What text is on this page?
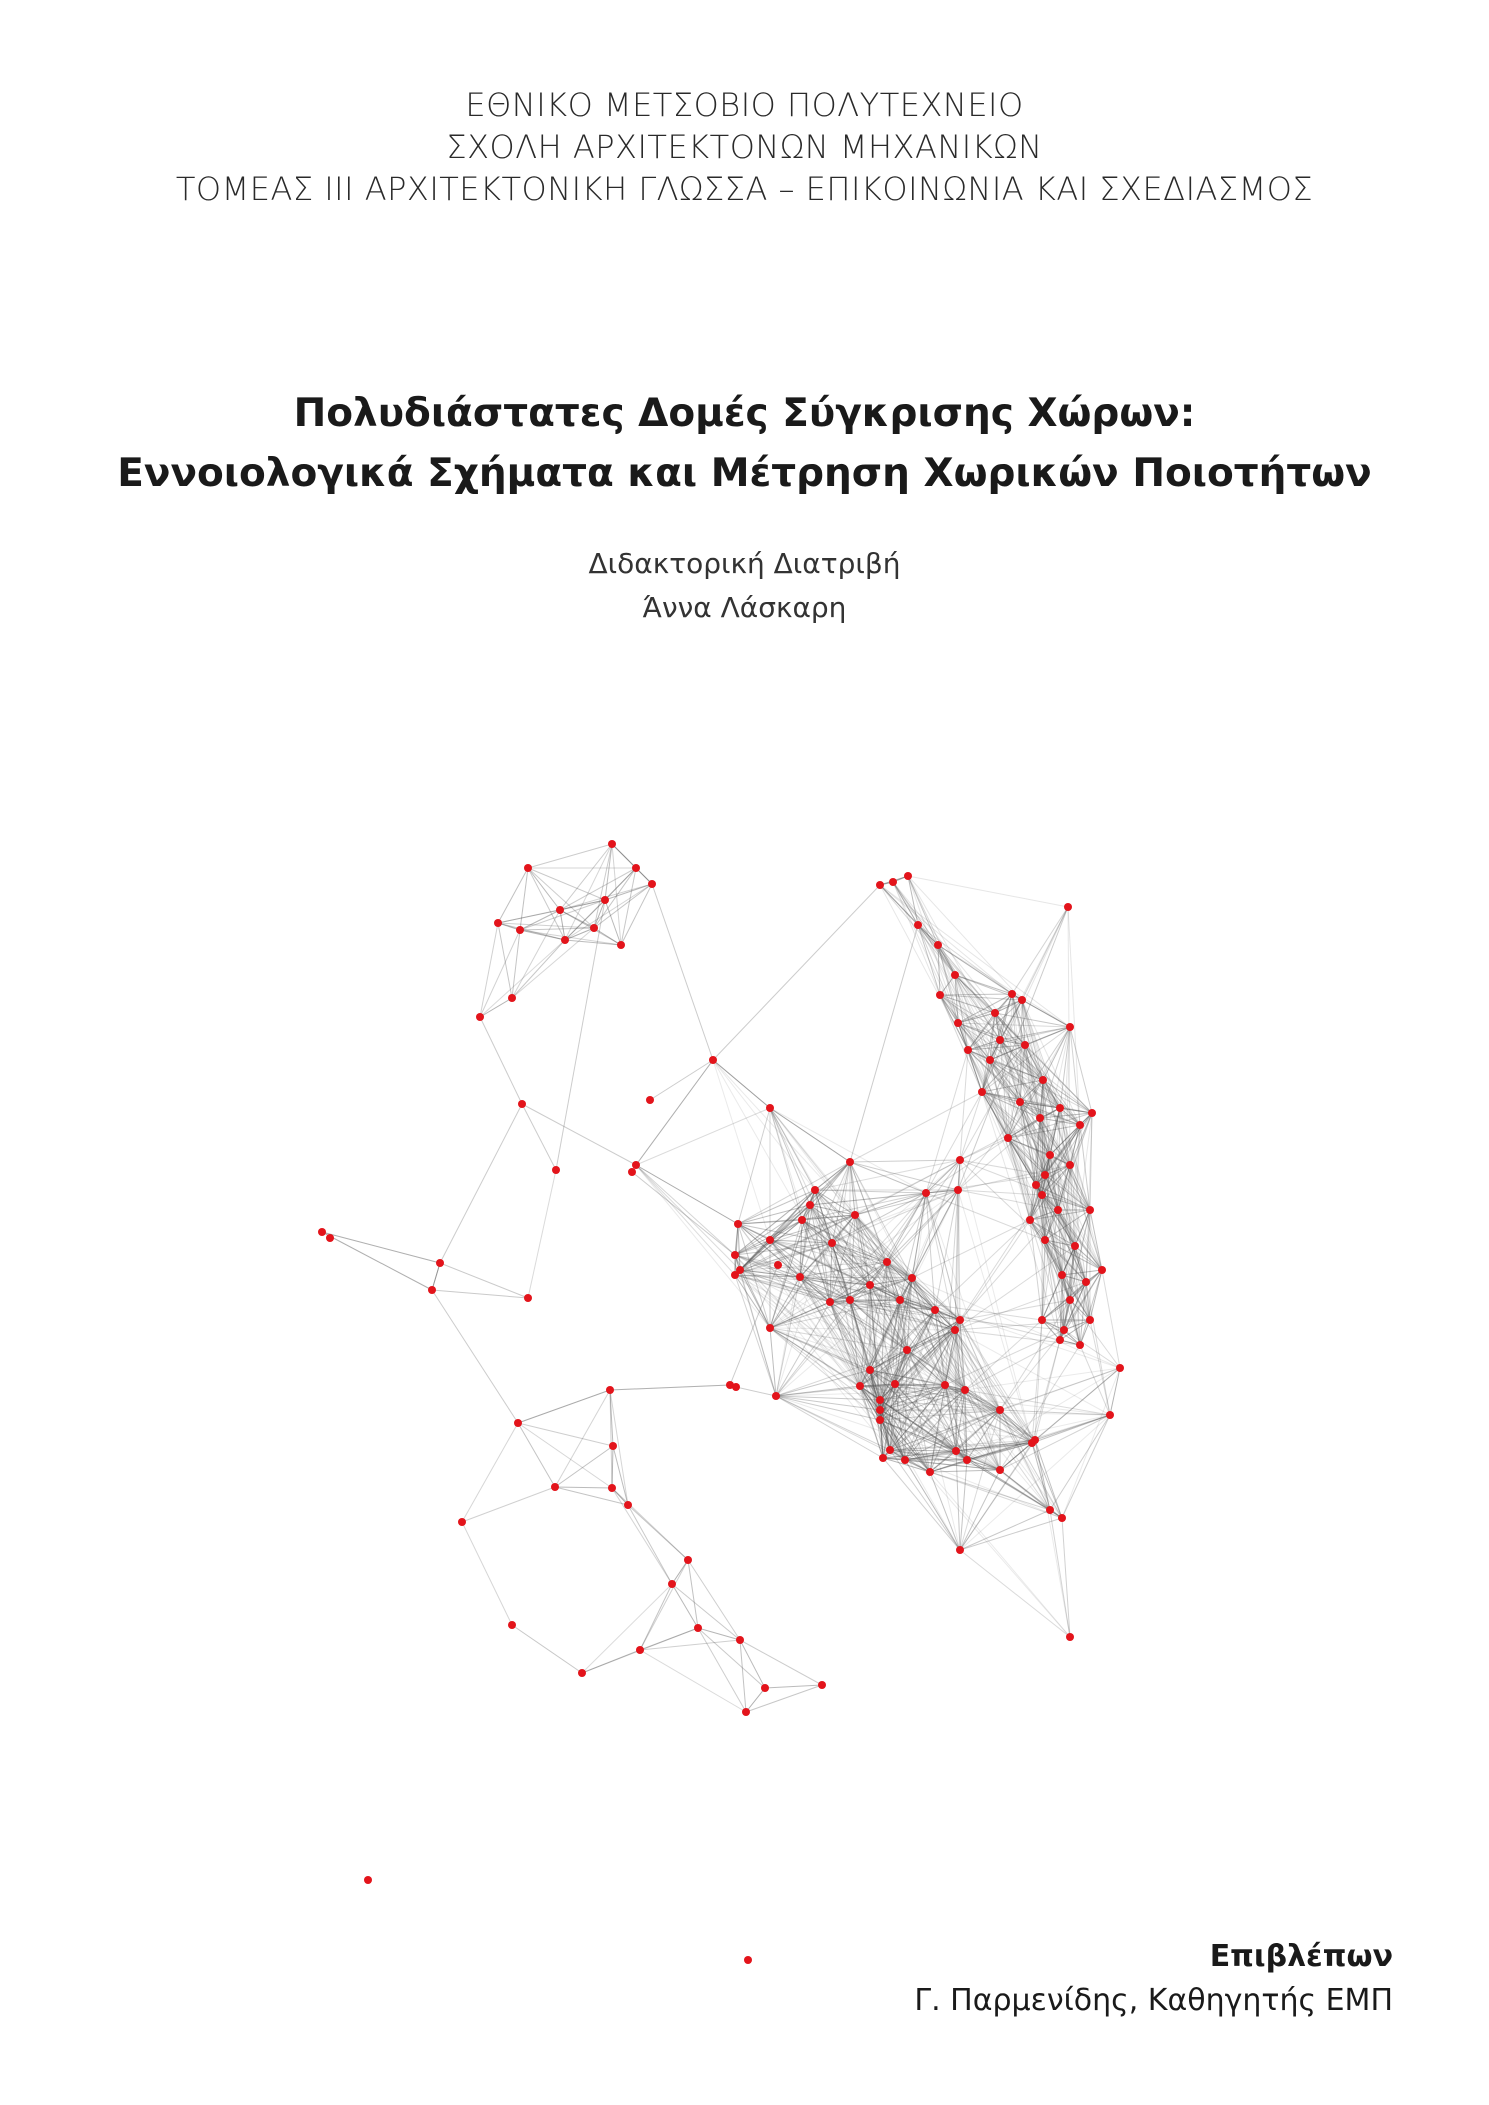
ΕΘΝΙΚΟ ΜΕΤΣΟΒΙΟ ΠΟΛΥΤΕΧΝΕΙΟ
ΣΧΟΛΗ ΑΡΧΙΤΕΚΤΟΝΩΝ ΜΗΧΑΝΙΚΩΝ
ΤΟΜΕΑΣ ΙΙΙ ΑΡΧΙΤΕΚΤΟΝΙΚΗ ΓΛΩΣΣΑ – ΕΠΙΚΟΙΝΩΝΙΑ ΚΑΙ ΣΧΕΔΙΑΣΜΟΣ
Πολυδιάστατες Δομές Σύγκρισης Χώρων:
Εννοιολογικά Σχήματα και Μέτρηση Χωρικών Ποιοτήτων
Διδακτορική Διατριβή
Άννα Λάσκαρη
Επιβλέπων
Γ. Παρμενίδης, Καθηγητής ΕΜΠ
